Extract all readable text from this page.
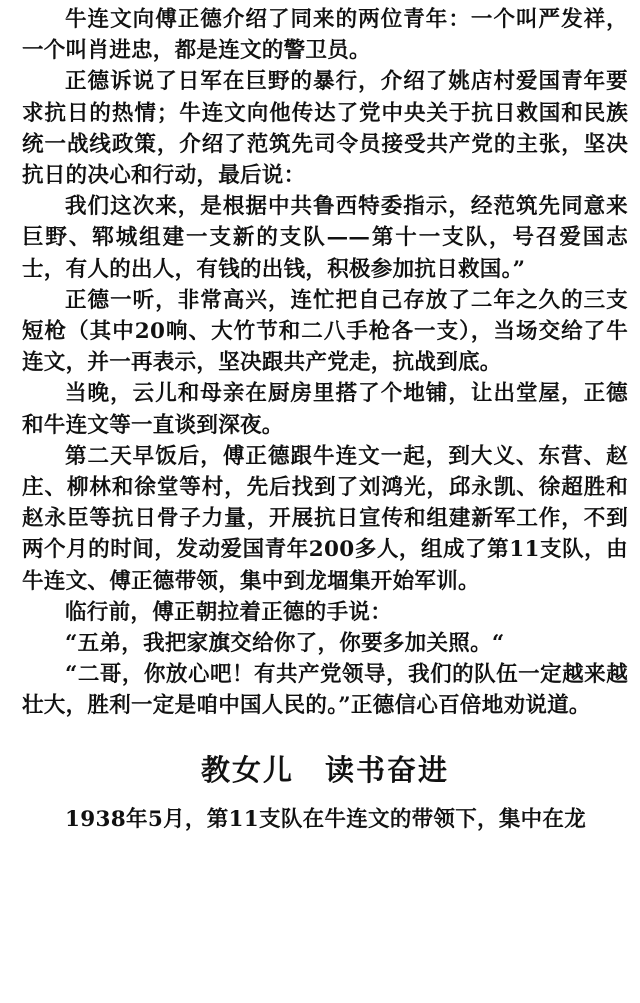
牛连文向傅正德介绍了同来的两位青年：一个叫严发祥，一个叫肖进忠，都是连文的警卫员。

正德诉说了日军在巨野的暴行，介绍了姚店村爱国青年要求抗日的热情；牛连文向他传达了党中央关于抗日救国和民族统一战线政策，介绍了范筑先司令员接受共产党的主张，坚决抗日的决心和行动，最后说：

我们这次来，是根据中共鲁西特委指示，经范筑先同意来巨野、郓城组建一支新的支队——第十一支队，号召爱国志士，有人的出人，有钱的出钱，积极参加抗日救国。”

正德一听，非常高兴，连忙把自己存放了二年之久的三支短枪（其中20响、大竹节和二八手枪各一支），当场交给了牛连文，并一再表示，坚决跟共产党走，抗战到底。

当晚，云儿和母亲在厨房里搭了个地铺，让出堂屋，正德和牛连文等一直谈到深夜。

第二天早饭后，傅正德跟牛连文一起，到大义、东营、赵庄、柳林和徐堂等村，先后找到了刘鸿光，邱永凯、徐超胜和赵永臣等抗日骨子力量，开展抗日宣传和组建新军工作，不到两个月的时间，发动爱国青年200多人，组成了第11支队，由牛连文、傅正德带领，集中到龙堌集开始军训。

临行前，傅正朝拉着正德的手说：

“五弟，我把家旗交给你了，你要多加关照。“

“二哥，你放心吧！有共产党领导，我们的队伍一定越来越壮大，胜利一定是咱中国人民的。”正德信心百倍地劝说道。

教女儿　读书奋进

1938年5月，第11支队在牛连文的带领下，集中在龙
